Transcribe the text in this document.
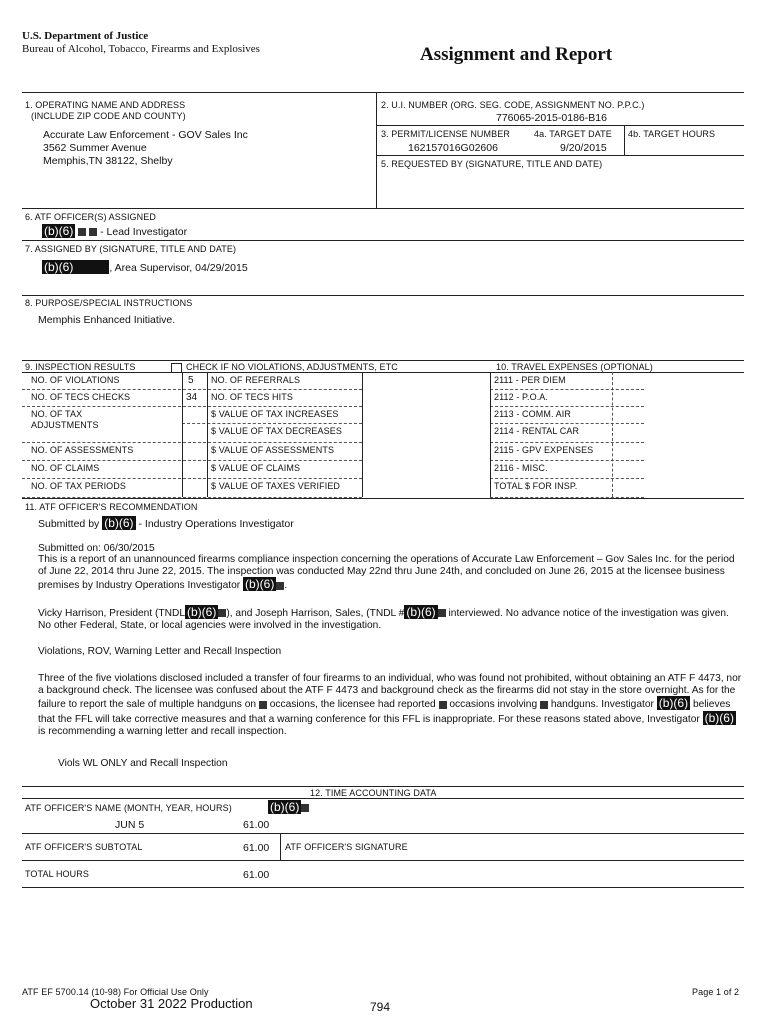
U.S. Department of Justice
Bureau of Alcohol, Tobacco, Firearms and Explosives	Assignment and Report
1. OPERATING NAME AND ADDRESS
(INCLUDE ZIP CODE AND COUNTY)
Accurate Law Enforcement - GOV Sales Inc
3562 Summer Avenue
Memphis,TN 38122, Shelby
2. U.I. NUMBER (ORG. SEG. CODE, ASSIGNMENT NO. P.P.C.)
776065-2015-0186-B16
3. PERMIT/LICENSE NUMBER	4a. TARGET DATE 4b. TARGET HOURS
162157016G02606	9/20/2015
5. REQUESTED BY (SIGNATURE, TITLE AND DATE)
6. ATF OFFICER(S) ASSIGNED
(b)(6)	- Lead Investigator
7. ASSIGNED BY (SIGNATURE, TITLE AND DATE)
(b)(6)	, Area Supervisor, 04/29/2015
8. PURPOSE/SPECIAL INSTRUCTIONS
Memphis Enhanced Initiative.
9. INSPECTION RESULTS	CHECK IF NO VIOLATIONS, ADJUSTMENTS, ETC	10. TRAVEL EXPENSES (OPTIONAL)
NO. OF VIOLATIONS	5 NO. OF REFERRALS	2111 - PER DIEM
NO. OF TECS CHECKS	34 NO. OF TECS HITS	2112 - P.O.A.
NO. OF TAX ADJUSTMENTS
$ VALUE OF TAX INCREASES	2113 - COMM. AIR
$ VALUE OF TAX DECREASES	2114 - RENTAL CAR
NO. OF ASSESSMENTS	$ VALUE OF ASSESSMENTS	2115 - GPV EXPENSES
NO. OF CLAIMS	$ VALUE OF CLAIMS	2116 - MISC.
NO. OF TAX PERIODS	$ VALUE OF TAXES VERIFIED	TOTAL $ FOR INSP.
11. ATF OFFICER'S RECOMMENDATION
Submitted by (b)(6) - Industry Operations Investigator
Submitted on: 06/30/2015
This is a report of an unannounced firearms compliance inspection concerning the operations of Accurate Law Enforcement – Gov Sales Inc. for the period of June 22, 2014 thru June 22, 2015. The inspection was conducted May 22nd thru June 24th, and concluded on June 26, 2015 at the licensee business premises by Industry Operations Investigator (b)(6) .
Vicky Harrison, President (TNDL (b)(6) ), and Joseph Harrison, Sales, (TNDL # (b)(6) interviewed. No advance notice of the investigation was given. No other Federal, State, or local agencies were involved in the investigation.
Violations, ROV, Warning Letter and Recall Inspection
Three of the five violations disclosed included a transfer of four firearms to an individual, who was found not prohibited, without obtaining an ATF F 4473, nor a background check. The licensee was confused about the ATF F 4473 and background check as the firearms did not stay in the store overnight. As for the failure to report the sale of multiple handguns on occasions, the licensee had reported occasions involving handguns. Investigator (b)(6) believes that the FFL will take corrective measures and that a warning conference for this FFL is inappropriate. For these reasons stated above, Investigator (b)(6) is recommending a warning letter and recall inspection.
Viols WL ONLY and Recall Inspection
12. TIME ACCOUNTING DATA
ATF OFFICER'S NAME (MONTH, YEAR, HOURS)	(b)(6)
JUN 5	61.00
ATF OFFICER'S SUBTOTAL	61.00 ATF OFFICER'S SIGNATURE
TOTAL HOURS	61.00
ATF EF 5700.14 (10-98) For Official Use Only
October 31 2022 Production	794
Page 1 of 2
